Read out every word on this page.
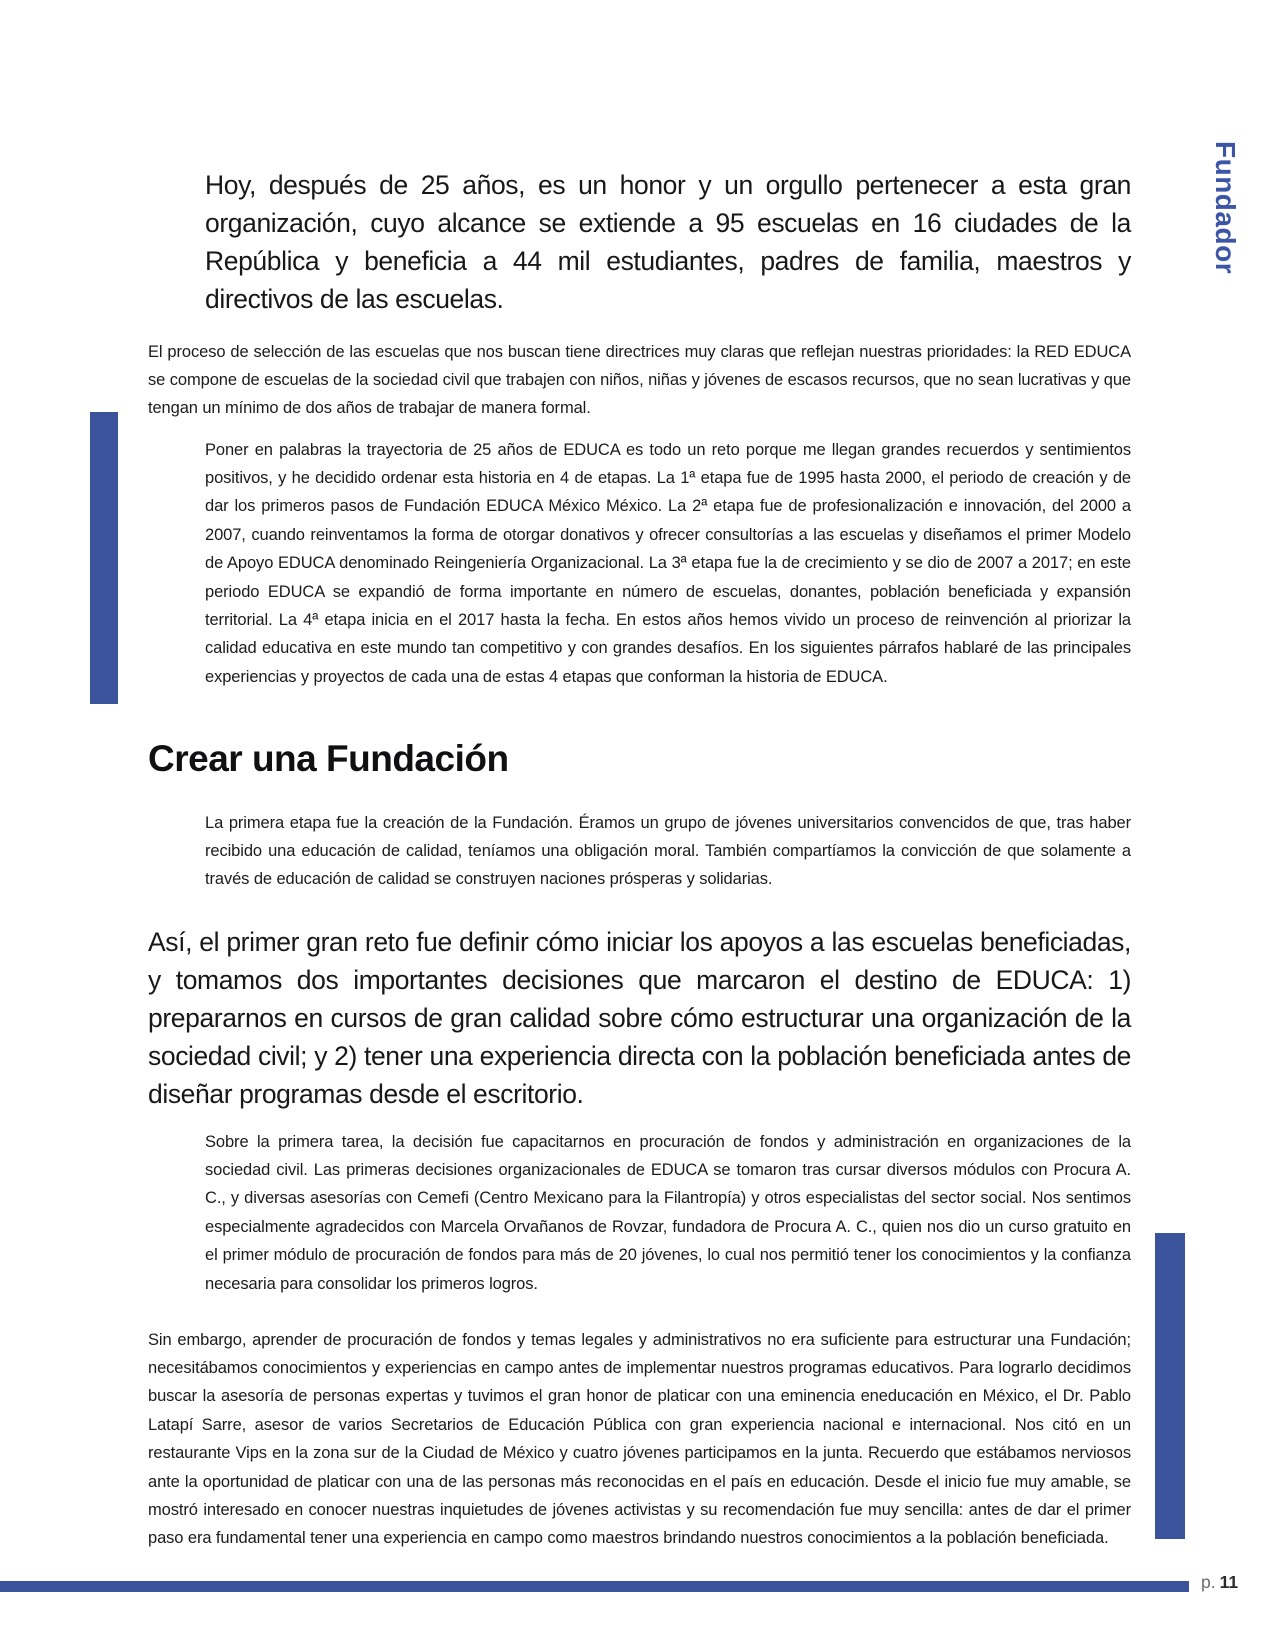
Fundador

Hoy, después de 25 años, es un honor y un orgullo pertenecer a esta gran organización, cuyo alcance se extiende a 95 escuelas en 16 ciudades de la República y beneficia a 44 mil estudiantes, padres de familia, maestros y directivos de las escuelas.

El proceso de selección de las escuelas que nos buscan tiene directrices muy claras que reflejan nuestras prioridades: la RED EDUCA se compone de escuelas de la sociedad civil que trabajen con niños, niñas y jóvenes de escasos recursos, que no sean lucrativas y que tengan un mínimo de dos años de trabajar de manera formal.

Poner en palabras la trayectoria de 25 años de EDUCA es todo un reto porque me llegan grandes recuerdos y sentimientos positivos, y he decidido ordenar esta historia en 4 de etapas. La 1ª etapa fue de 1995 hasta 2000, el periodo de creación y de dar los primeros pasos de Fundación EDUCA México México. La 2ª etapa fue de profesionalización e innovación, del 2000 a 2007, cuando reinventamos la forma de otorgar donativos y ofrecer consultorías a las escuelas y diseñamos el primer Modelo de Apoyo EDUCA denominado Reingeniería Organizacional. La 3ª etapa fue la de crecimiento y se dio de 2007 a 2017; en este periodo EDUCA se expandió de forma importante en número de escuelas, donantes, población beneficiada y expansión territorial. La 4ª etapa inicia en el 2017 hasta la fecha. En estos años hemos vivido un proceso de reinvención al priorizar la calidad educativa en este mundo tan competitivo y con grandes desafíos. En los siguientes párrafos hablaré de las principales experiencias y proyectos de cada una de estas 4 etapas que conforman la historia de EDUCA.

Crear una Fundación

La primera etapa fue la creación de la Fundación. Éramos un grupo de jóvenes universitarios convencidos de que, tras haber recibido una educación de calidad, teníamos una obligación moral. También compartíamos la convicción de que solamente a través de educación de calidad se construyen naciones prósperas y solidarias.

Así, el primer gran reto fue definir cómo iniciar los apoyos a las escuelas beneficiadas, y tomamos dos importantes decisiones que marcaron el destino de EDUCA: 1) prepararnos en cursos de gran calidad sobre cómo estructurar una organización de la sociedad civil; y 2) tener una experiencia directa con la población beneficiada antes de diseñar programas desde el escritorio.

Sobre la primera tarea, la decisión fue capacitarnos en procuración de fondos y administración en organizaciones de la sociedad civil. Las primeras decisiones organizacionales de EDUCA se tomaron tras cursar diversos módulos con Procura A. C., y diversas asesorías con Cemefi (Centro Mexicano para la Filantropía) y otros especialistas del sector social. Nos sentimos especialmente agradecidos con Marcela Orvañanos de Rovzar, fundadora de Procura A. C., quien nos dio un curso gratuito en el primer módulo de procuración de fondos para más de 20 jóvenes, lo cual nos permitió tener los conocimientos y la confianza necesaria para consolidar los primeros logros.

Sin embargo, aprender de procuración de fondos y temas legales y administrativos no era suficiente para estructurar una Fundación; necesitábamos conocimientos y experiencias en campo antes de implementar nuestros programas educativos. Para lograrlo decidimos buscar la asesoría de personas expertas y tuvimos el gran honor de platicar con una eminencia eneducación en México, el Dr. Pablo Latapí Sarre, asesor de varios Secretarios de Educación Pública con gran experiencia nacional e internacional. Nos citó en un restaurante Vips en la zona sur de la Ciudad de México y cuatro jóvenes participamos en la junta. Recuerdo que estábamos nerviosos ante la oportunidad de platicar con una de las personas más reconocidas en el país en educación. Desde el inicio fue muy amable, se mostró interesado en conocer nuestras inquietudes de jóvenes activistas y su recomendación fue muy sencilla: antes de dar el primer paso era fundamental tener una experiencia en campo como maestros brindando nuestros conocimientos a la población beneficiada.

p. 11
